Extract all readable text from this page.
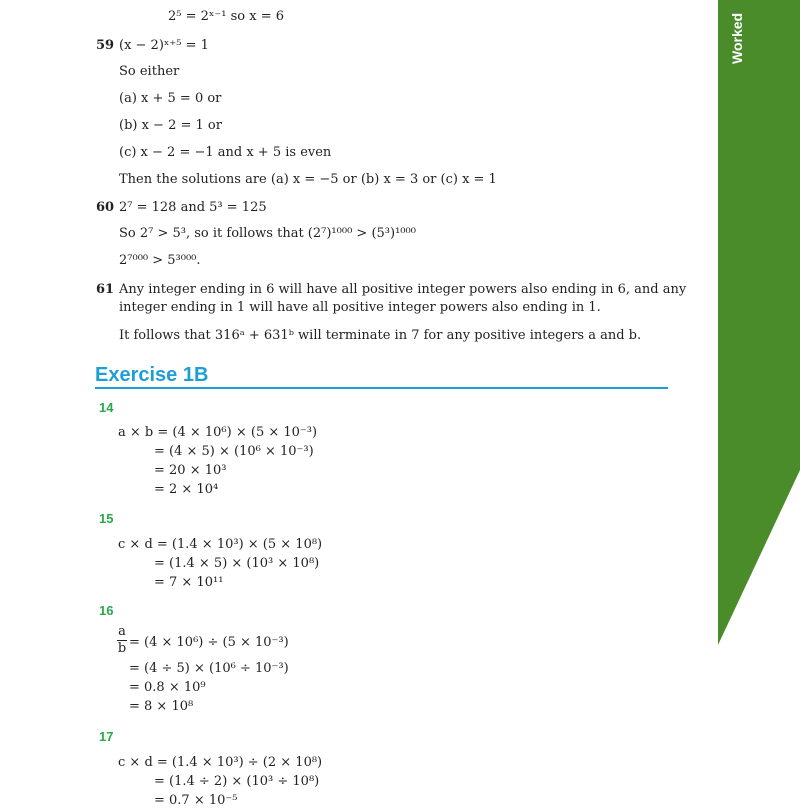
Worked
2⁵ = 2ˣ⁻¹ so x = 6
59 (x − 2)ˣ⁺⁵ = 1
So either
(a) x + 5 = 0 or
(b) x − 2 = 1 or
(c) x − 2 = −1 and x + 5 is even
Then the solutions are (a) x = −5 or (b) x = 3 or (c) x = 1
60 2⁷ = 128 and 5³ = 125
So 2⁷ > 5³, so it follows that (2⁷)¹⁰⁰⁰ > (5³)¹⁰⁰⁰
2⁷⁰⁰⁰ > 5³⁰⁰⁰.
61 Any integer ending in 6 will have all positive integer powers also ending in 6, and any
integer ending in 1 will have all positive integer powers also ending in 1.
It follows that 316ᵃ + 631ᵇ will terminate in 7 for any positive integers a and b.
Exercise 1B
14
a × b = (4 × 10⁶) × (5 × 10⁻³)
= (4 × 5) × (10⁶ × 10⁻³)
= 20 × 10³
= 2 × 10⁴
15
c × d = (1.4 × 10³) × (5 × 10⁸)
= (1.4 × 5) × (10³ × 10⁸)
= 7 × 10¹¹
16
a
b = (4 × 10⁶) ÷ (5 × 10⁻³)
= (4 ÷ 5) × (10⁶ ÷ 10⁻³)
= 0.8 × 10⁹
= 8 × 10⁸
17
c × d = (1.4 × 10³) ÷ (2 × 10⁸)
= (1.4 ÷ 2) × (10³ ÷ 10⁸)
= 0.7 × 10⁻⁵
